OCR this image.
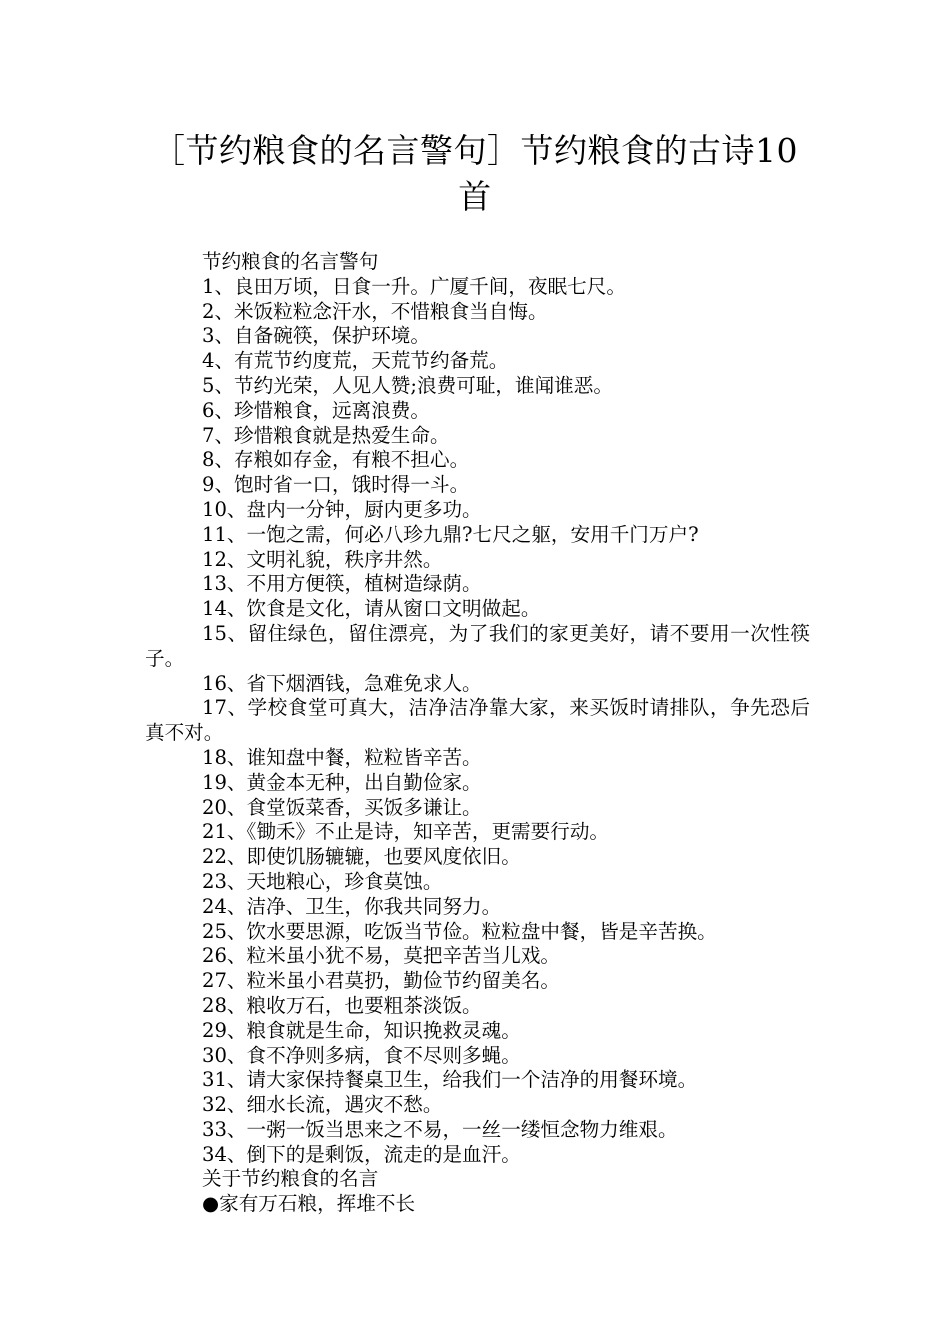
［节约粮食的名言警句］节约粮食的古诗10首

节约粮食的名言警句

1、良田万顷，日食一升。广厦千间，夜眠七尺。

2、米饭粒粒念汗水，不惜粮食当自悔。

3、自备碗筷，保护环境。

4、有荒节约度荒，天荒节约备荒。

5、节约光荣，人见人赞;浪费可耻，谁闻谁恶。

6、珍惜粮食，远离浪费。

7、珍惜粮食就是热爱生命。

8、存粮如存金，有粮不担心。

9、饱时省一口，饿时得一斗。

10、盘内一分钟，厨内更多功。

11、一饱之需，何必八珍九鼎?七尺之躯，安用千门万户?

12、文明礼貌，秩序井然。

13、不用方便筷，植树造绿荫。

14、饮食是文化，请从窗口文明做起。

15、留住绿色，留住漂亮，为了我们的家更美好，请不要用一次性筷子。

16、省下烟酒钱，急难免求人。

17、学校食堂可真大，洁净洁净靠大家，来买饭时请排队，争先恐后真不对。

18、谁知盘中餐，粒粒皆辛苦。

19、黄金本无种，出自勤俭家。

20、食堂饭菜香，买饭多谦让。

21、《锄禾》不止是诗，知辛苦，更需要行动。

22、即使饥肠辘辘，也要风度依旧。

23、天地粮心，珍食莫蚀。

24、洁净、卫生，你我共同努力。

25、饮水要思源，吃饭当节俭。粒粒盘中餐，皆是辛苦换。

26、粒米虽小犹不易，莫把辛苦当儿戏。

27、粒米虽小君莫扔，勤俭节约留美名。

28、粮收万石，也要粗茶淡饭。

29、粮食就是生命，知识挽救灵魂。

30、食不净则多病，食不尽则多蝇。

31、请大家保持餐桌卫生，给我们一个洁净的用餐环境。

32、细水长流，遇灾不愁。

33、一粥一饭当思来之不易，一丝一缕恒念物力维艰。

34、倒下的是剩饭，流走的是血汗。

关于节约粮食的名言

●家有万石粮，挥堆不长
